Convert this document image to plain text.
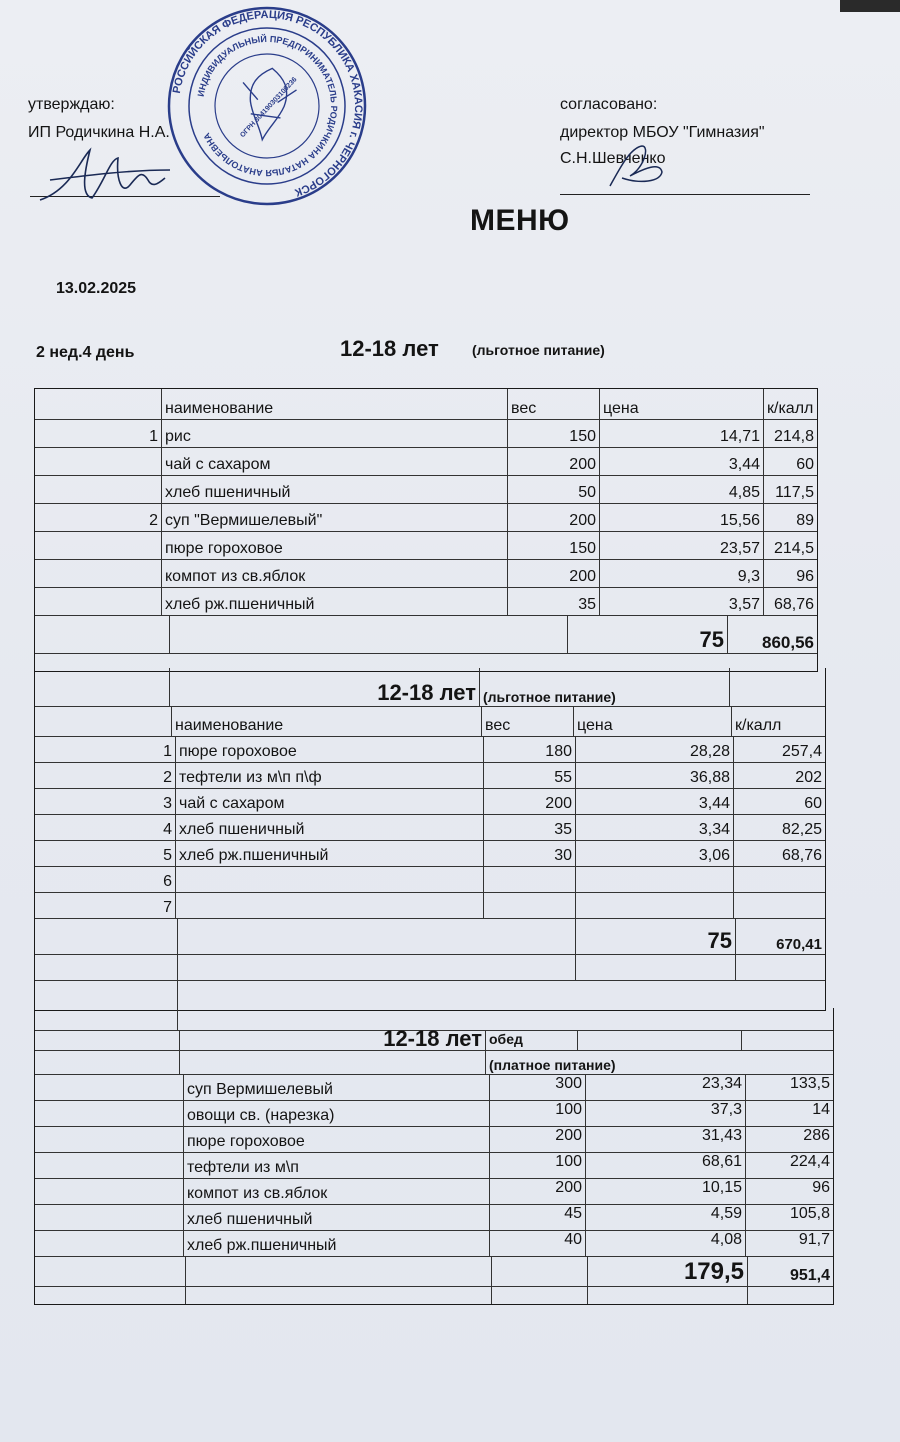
утверждаю:
ИП Родичкина Н.А.
РОССИЙСКАЯ ФЕДЕРАЦИЯ РЕСПУБЛИКА ХАКАСИЯ г. ЧЕРНОГОРСК
ИНДИВИДУАЛЬНЫЙ ПРЕДПРИНИМАТЕЛЬ РОДИЧКИНА НАТАЛЬЯ АНАТОЛЬЕВНА	ОГРН 304190303100236	согласовано:
директор МБОУ "Гимназия"
С.Н.Шевченко
МЕНЮ
13.02.2025
2 нед.4 день	12-18 лет (льготное питание)
наименование	вес	цена	к/калл
1 рис	150	14,71 214,8
чай с сахаром	200	3,44	60
хлеб пшеничный	50	4,85 117,5
2 суп "Вермишелевый"	200	15,56	89
пюре гороховое	150	23,57 214,5
компот из св.яблок	200	9,3	96
хлеб рж.пшеничный	35	3,57 68,76
75	860,56
12-18 лет (льготное питание)
наименование	вес	цена	к/калл
1 пюре гороховое	180	28,28	257,4
2 тефтели из м\п п\ф	55	36,88	202
3 чай с сахаром	200	3,44	60
4 хлеб пшеничный	35	3,34	82,25
5 хлеб рж.пшеничный	30	3,06	68,76
6
7
75	670,41
12-18 лет обед
(платное питание)
суп Вермишелевый	300	23,34	133,5
овощи св. (нарезка)	100	37,3	14
пюре гороховое	200	31,43	286
тефтели из м\п	100	68,61	224,4
компот из св.яблок	200	10,15	96
хлеб пшеничный	45	4,59	105,8
хлеб рж.пшеничный	40	4,08	91,7
179,5	951,4
